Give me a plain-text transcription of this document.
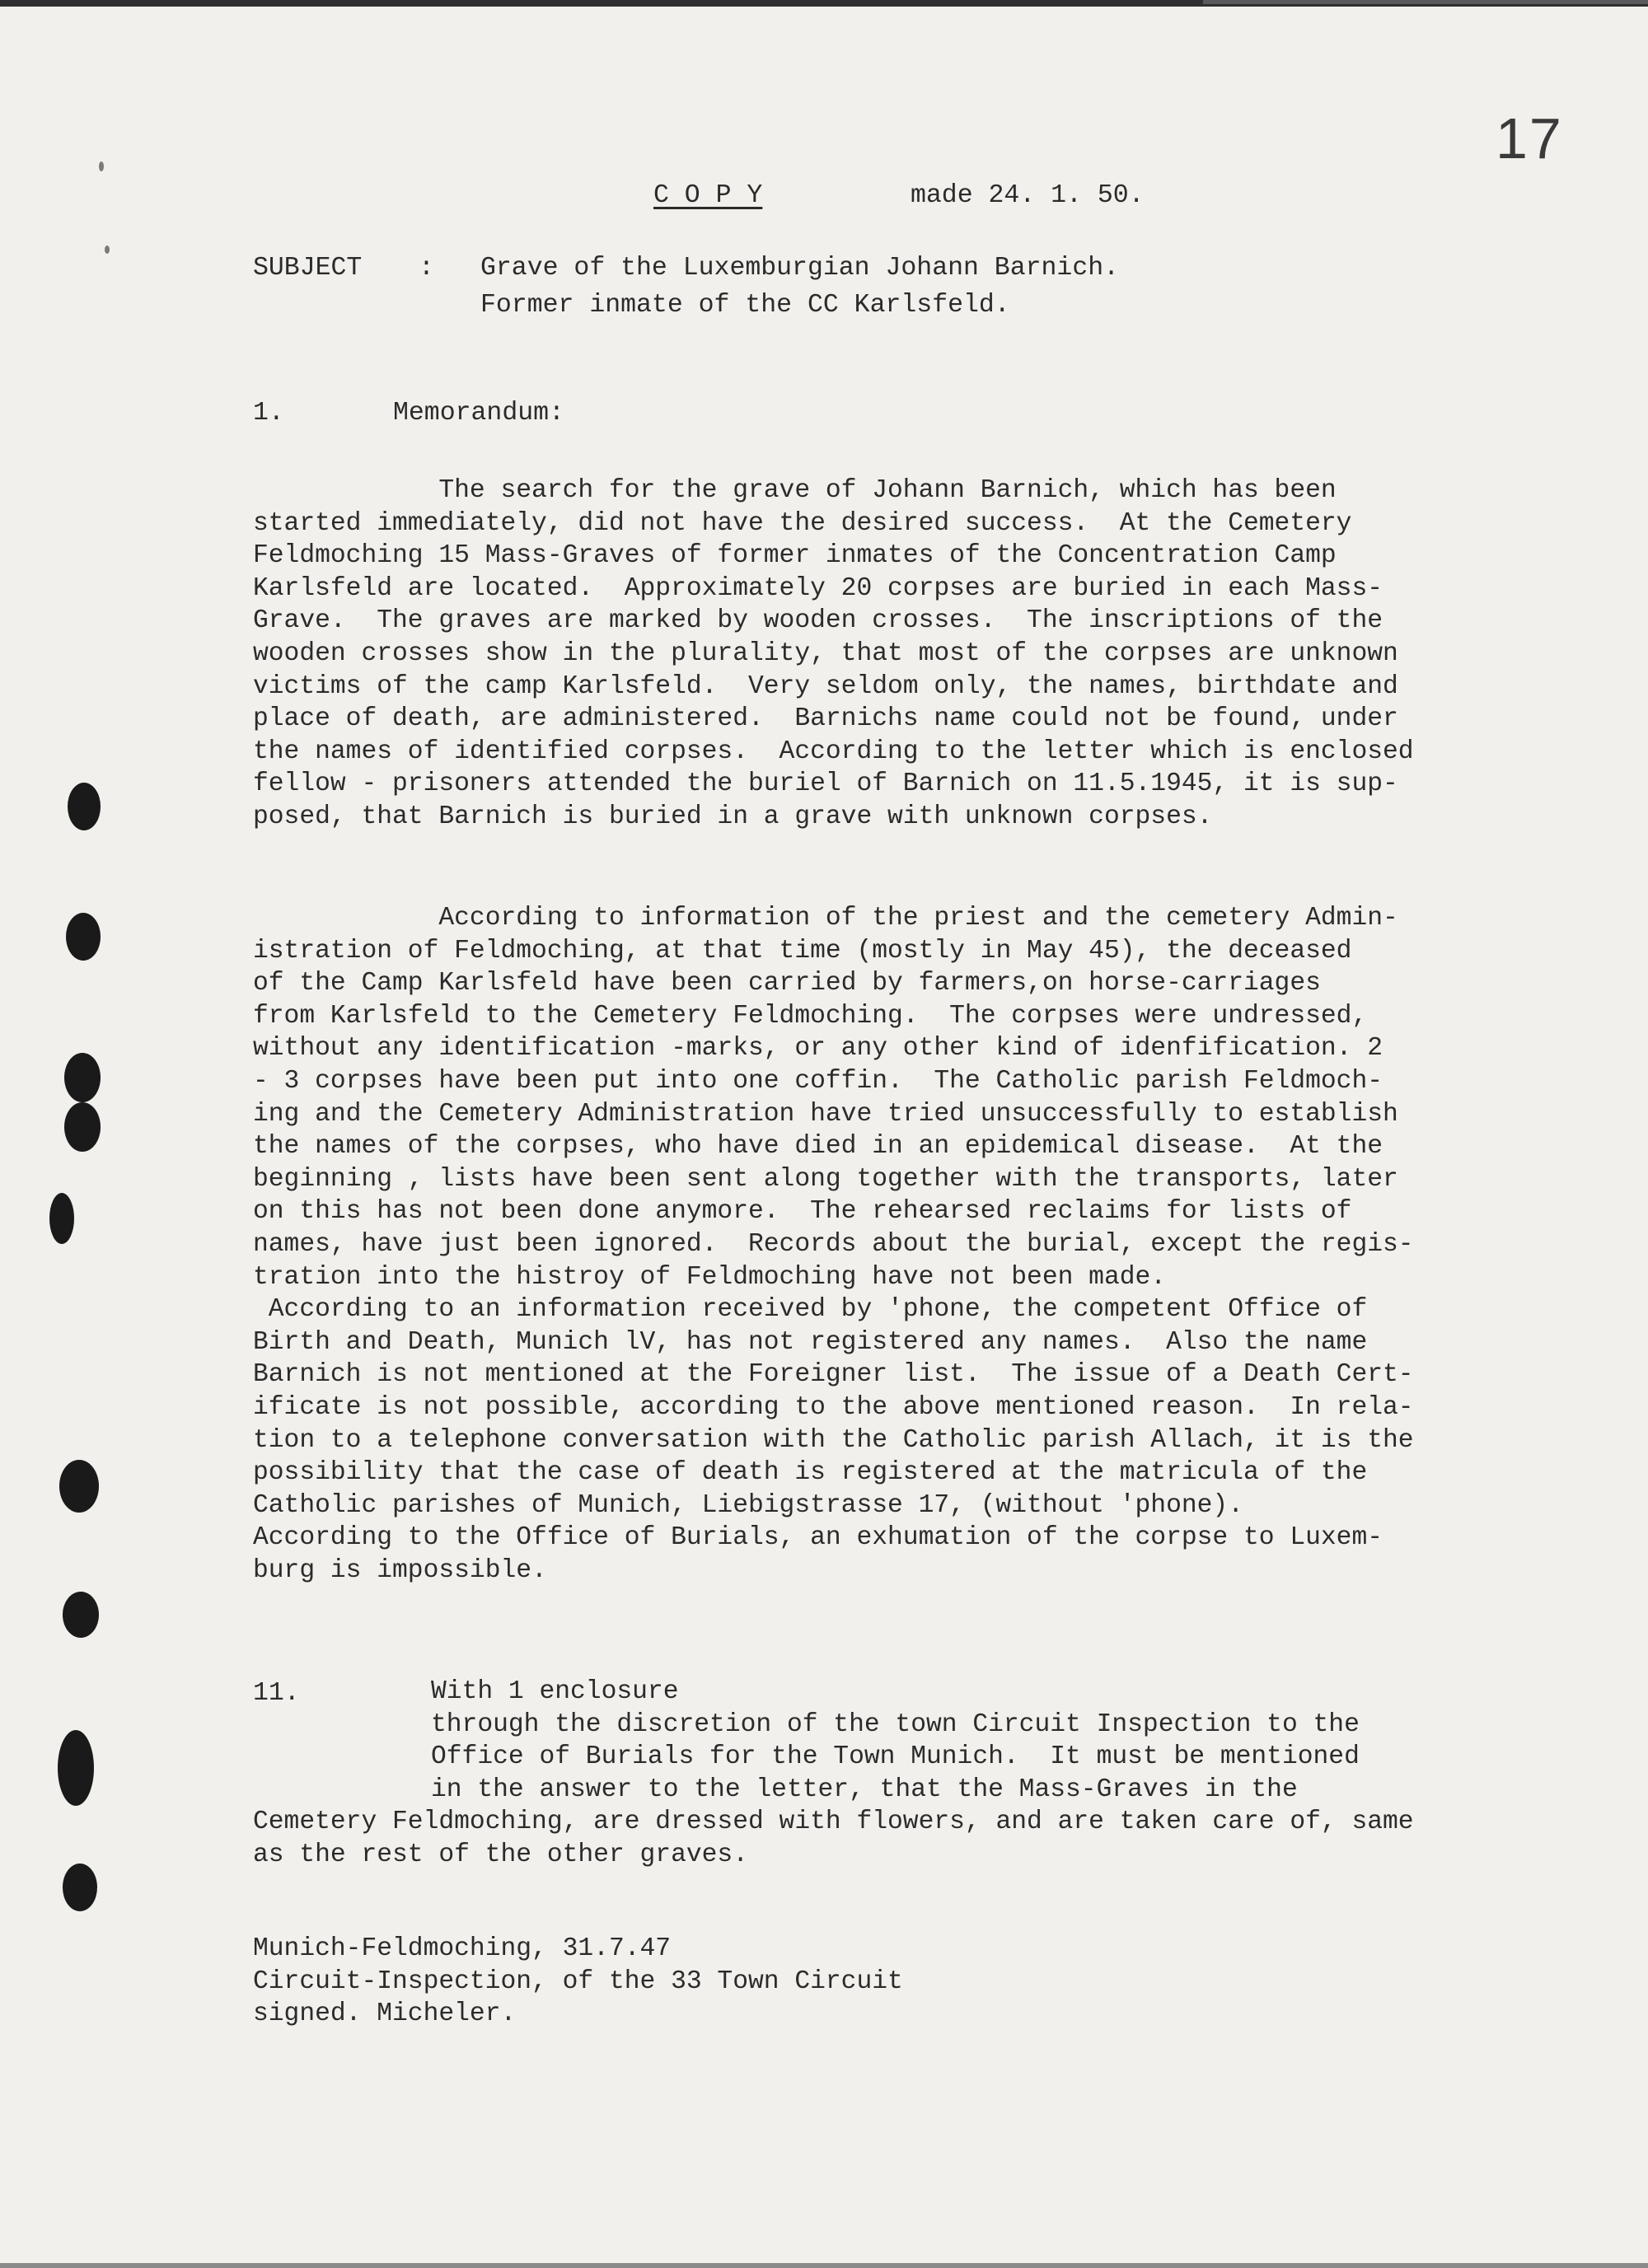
17
C O P Y	made 24. 1. 50.
SUBJECT : Grave of the Luxemburgian Johann Barnich.
Former inmate of the CC Karlsfeld.
1.	Memorandum:
The search for the grave of Johann Barnich, which has been
started immediately, did not have the desired success.  At the Cemetery
Feldmoching 15 Mass-Graves of former inmates of the Concentration Camp
Karlsfeld are located.  Approximately 20 corpses are buried in each Mass-
Grave.  The graves are marked by wooden crosses.  The inscriptions of the
wooden crosses show in the plurality, that most of the corpses are unknown
victims of the camp Karlsfeld.  Very seldom only, the names, birthdate and
place of death, are administered.  Barnichs name could not be found, under
the names of identified corpses.  According to the letter which is enclosed
fellow - prisoners attended the buriel of Barnich on 11.5.1945, it is sup-
posed, that Barnich is buried in a grave with unknown corpses.
According to information of the priest and the cemetery Admin-
istration of Feldmoching, at that time (mostly in May 45), the deceased
of the Camp Karlsfeld have been carried by farmers,on horse-carriages
from Karlsfeld to the Cemetery Feldmoching.  The corpses were undressed,
without any identification -marks, or any other kind of idenfification. 2
- 3 corpses have been put into one coffin.  The Catholic parish Feldmoch-
ing and the Cemetery Administration have tried unsuccessfully to establish
the names of the corpses, who have died in an epidemical disease.  At the
beginning , lists have been sent along together with the transports, later
on this has not been done anymore.  The rehearsed reclaims for lists of
names, have just been ignored.  Records about the burial, except the regis-
tration into the histroy of Feldmoching have not been made.
According to an information received by 'phone, the competent Office of
Birth and Death, Munich lV, has not registered any names.  Also the name
Barnich is not mentioned at the Foreigner list.  The issue of a Death Cert-
ificate is not possible, according to the above mentioned reason.  In rela-
tion to a telephone conversation with the Catholic parish Allach, it is the
possibility that the case of death is registered at the matricula of the
Catholic parishes of Munich, Liebigstrasse 17, (without 'phone).
According to the Office of Burials, an exhumation of the corpse to Luxem-
burg is impossible.
11.	With 1 enclosure
through the discretion of the town Circuit Inspection to the
Office of Burials for the Town Munich.  It must be mentioned
in the answer to the letter, that the Mass-Graves in the
Cemetery Feldmoching, are dressed with flowers, and are taken care of, same
as the rest of the other graves.
Munich-Feldmoching, 31.7.47
Circuit-Inspection, of the 33 Town Circuit
signed. Micheler.
